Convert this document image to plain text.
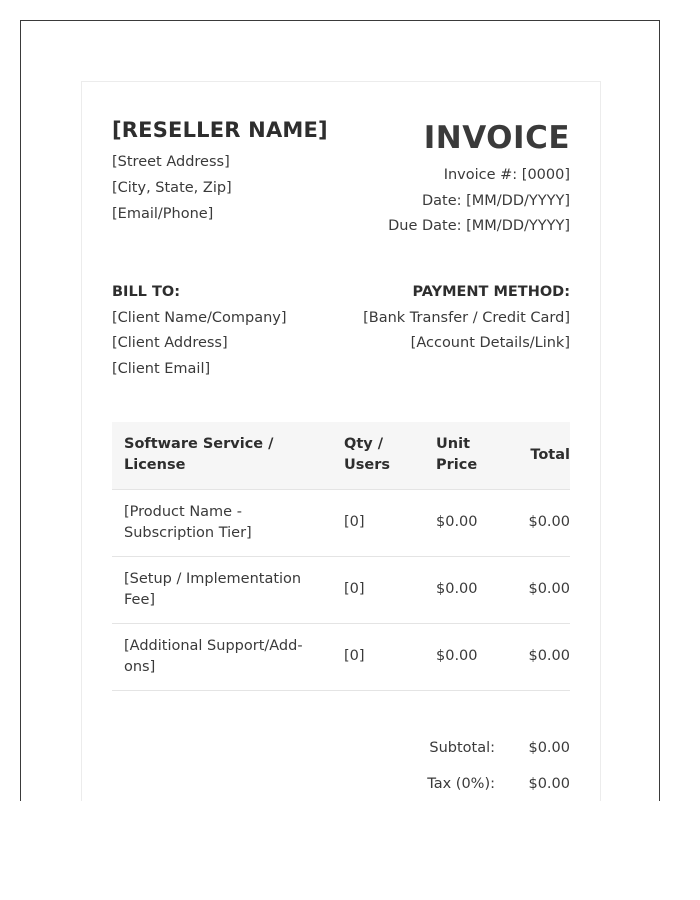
[RESELLER NAME]
[Street Address]
[City, State, Zip]
[Email/Phone]
INVOICE
Invoice #: [0000]
Date: [MM/DD/YYYY]
Due Date: [MM/DD/YYYY]
BILL TO:
[Client Name/Company]
[Client Address]
[Client Email]
PAYMENT METHOD:
[Bank Transfer / Credit Card]
[Account Details/Link]
Software Service / License	Qty / Users	Unit Price	Total
[Product Name - Subscription Tier]	[0]	$0.00	$0.00
[Setup / Implementation Fee]	[0]	$0.00	$0.00
[Additional Support/Add-ons]	[0]	$0.00	$0.00
Subtotal: $0.00
Tax (0%): $0.00
